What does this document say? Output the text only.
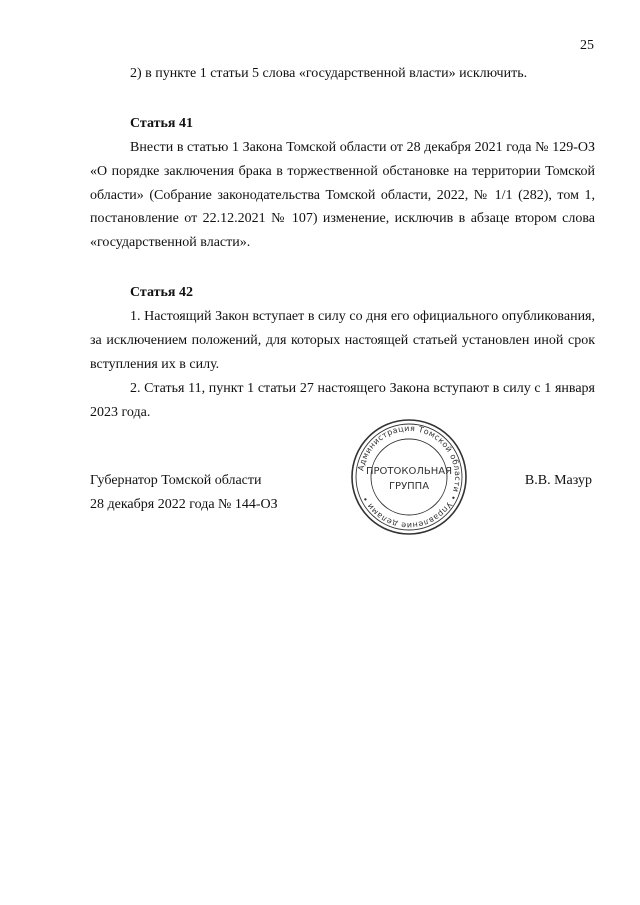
25

2) в пункте 1 статьи 5 слова «государственной власти» исключить.

Статья 41

Внести в статью 1 Закона Томской области от 28 декабря 2021 года № 129-ОЗ «О порядке заключения брака в торжественной обстановке на территории Томской области» (Собрание законодательства Томской области, 2022, № 1/1 (282), том 1, постановление от 22.12.2021 № 107) изменение, исключив в абзаце втором слова «государственной власти».

Статья 42

1. Настоящий Закон вступает в силу со дня его официального опубликования, за исключением положений, для которых настоящей статьей установлен иной срок вступления их в силу.

2. Статья 11, пункт 1 статьи 27 настоящего Закона вступают в силу с 1 января 2023 года.

Губернатор Томской области	В.В. Мазур
28 декабря 2022 года № 144-ОЗ
Администрация Томской области • Управление делами •
ПРОТОКОЛЬНАЯ
ГРУППА
